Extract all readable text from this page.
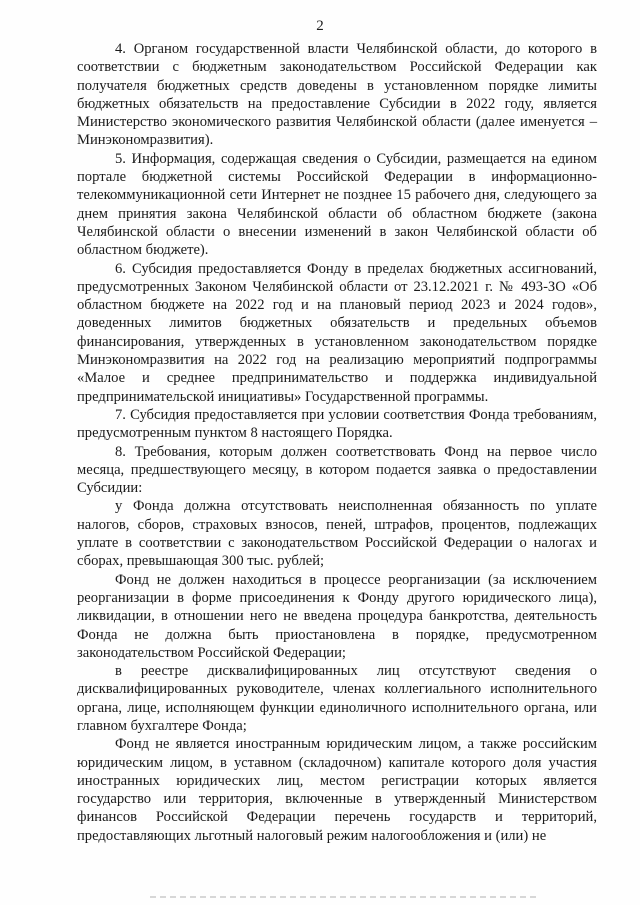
2

4. Органом государственной власти Челябинской области, до которого в соответствии с бюджетным законодательством Российской Федерации как получателя бюджетных средств доведены в установленном порядке лимиты бюджетных обязательств на предоставление Субсидии в 2022 году, является Министерство экономического развития Челябинской области (далее именуется – Минэкономразвития).

5. Информация, содержащая сведения о Субсидии, размещается на едином портале бюджетной системы Российской Федерации в информационно-телекоммуникационной сети Интернет не позднее 15 рабочего дня, следующего за днем принятия закона Челябинской области об областном бюджете (закона Челябинской области о внесении изменений в закон Челябинской области об областном бюджете).

6. Субсидия предоставляется Фонду в пределах бюджетных ассигнований, предусмотренных Законом Челябинской области от 23.12.2021 г. № 493-ЗО «Об областном бюджете на 2022 год и на плановый период 2023 и 2024 годов», доведенных лимитов бюджетных обязательств и предельных объемов финансирования, утвержденных в установленном законодательством порядке Минэкономразвития на 2022 год на реализацию мероприятий подпрограммы «Малое и среднее предпринимательство и поддержка индивидуальной предпринимательской инициативы» Государственной программы.

7. Субсидия предоставляется при условии соответствия Фонда требованиям, предусмотренным пунктом 8 настоящего Порядка.

8. Требования, которым должен соответствовать Фонд на первое число месяца, предшествующего месяцу, в котором подается заявка о предоставлении Субсидии:

у Фонда должна отсутствовать неисполненная обязанность по уплате налогов, сборов, страховых взносов, пеней, штрафов, процентов, подлежащих уплате в соответствии с законодательством Российской Федерации о налогах и сборах, превышающая 300 тыс. рублей;

Фонд не должен находиться в процессе реорганизации (за исключением реорганизации в форме присоединения к Фонду другого юридического лица), ликвидации, в отношении него не введена процедура банкротства, деятельность Фонда не должна быть приостановлена в порядке, предусмотренном законодательством Российской Федерации;

в реестре дисквалифицированных лиц отсутствуют сведения о дисквалифицированных руководителе, членах коллегиального исполнительного органа, лице, исполняющем функции единоличного исполнительного органа, или главном бухгалтере Фонда;

Фонд не является иностранным юридическим лицом, а также российским юридическим лицом, в уставном (складочном) капитале которого доля участия иностранных юридических лиц, местом регистрации которых является государство или территория, включенные в утвержденный Министерством финансов Российской Федерации перечень государств и территорий, предоставляющих льготный налоговый режим налогообложения и (или) не
